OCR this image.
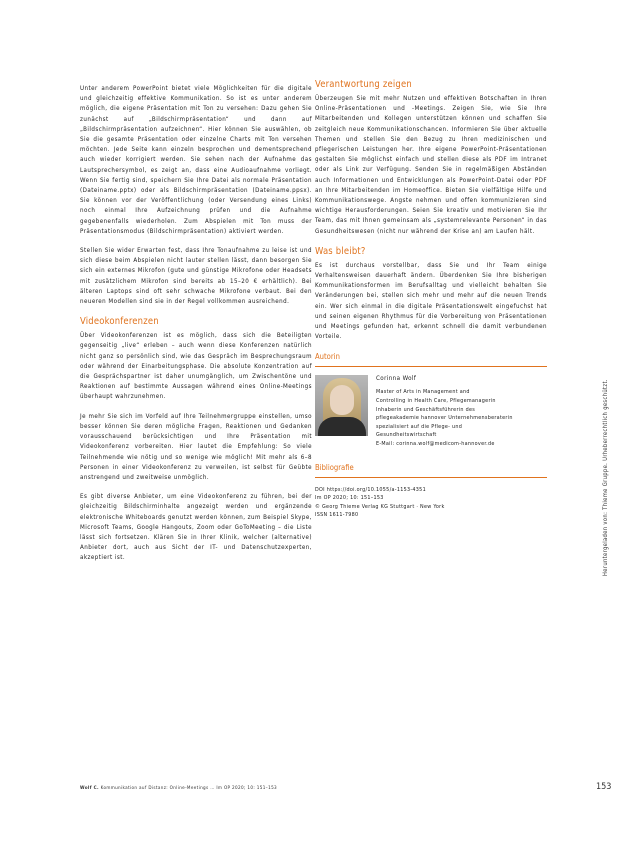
Unter anderem PowerPoint bietet viele Möglichkeiten für die digitale und gleichzeitig effektive Kommunikation. So ist es unter anderem möglich, die eigene Präsentation mit Ton zu versehen: Dazu gehen Sie zunächst auf „Bildschirmpräsentation“ und dann auf „Bildschirmpräsentation aufzeichnen“. Hier können Sie auswählen, ob Sie die gesamte Präsentation oder einzelne Charts mit Ton versehen möchten. Jede Seite kann einzeln besprochen und dementsprechend auch wieder korrigiert werden. Sie sehen nach der Aufnahme das Lautsprechersymbol, es zeigt an, dass eine Audioaufnahme vorliegt. Wenn Sie fertig sind, speichern Sie Ihre Datei als normale Präsentation (Dateiname.pptx) oder als Bildschirmpräsentation (Dateiname.ppsx). Sie können vor der Veröffentlichung (oder Versendung eines Links) noch einmal Ihre Aufzeichnung prüfen und die Aufnahme gegebenenfalls wiederholen. Zum Abspielen mit Ton muss der Präsentationsmodus (Bildschirmpräsentation) aktiviert werden.

Stellen Sie wider Erwarten fest, dass Ihre Tonaufnahme zu leise ist und sich diese beim Abspielen nicht lauter stellen lässt, dann besorgen Sie sich ein externes Mikrofon (gute und günstige Mikrofone oder Headsets mit zusätzlichem Mikrofon sind bereits ab 15–20 € erhältlich). Bei älteren Laptops sind oft sehr schwache Mikrofone verbaut. Bei den neueren Modellen sind sie in der Regel vollkommen ausreichend.

Videokonferenzen

Über Videokonferenzen ist es möglich, dass sich die Beteiligten gegenseitig „live“ erleben – auch wenn diese Konferenzen natürlich nicht ganz so persönlich sind, wie das Gespräch im Besprechungsraum oder während der Einarbeitungsphase. Die absolute Konzentration auf die Gesprächspartner ist daher unumgänglich, um Zwischentöne und Reaktionen auf bestimmte Aussagen während eines Online-Meetings überhaupt wahrzunehmen.

Je mehr Sie sich im Vorfeld auf Ihre Teilnehmergruppe einstellen, umso besser können Sie deren mögliche Fragen, Reaktionen und Gedanken vorausschauend berücksichtigen und Ihre Präsentation mit Videokonferenz vorbereiten. Hier lautet die Empfehlung: So viele Teilnehmende wie nötig und so wenige wie möglich! Mit mehr als 6–8 Personen in einer Videokonferenz zu verweilen, ist selbst für Geübte anstrengend und zweitweise unmöglich.

Es gibt diverse Anbieter, um eine Videokonferenz zu führen, bei der gleichzeitig Bildschirminhalte angezeigt werden und ergänzende elektronische Whiteboards genutzt werden können, zum Beispiel Skype, Microsoft Teams, Google Hangouts, Zoom oder GoToMeeting – die Liste lässt sich fortsetzen. Klären Sie in Ihrer Klinik, welcher (alternative) Anbieter dort, auch aus Sicht der IT- und Datenschutzexperten, akzeptiert ist.

Verantwortung zeigen

Überzeugen Sie mit mehr Nutzen und effektiven Botschaften in Ihren Online-Präsentationen und -Meetings. Zeigen Sie, wie Sie Ihre Mitarbeitenden und Kollegen unterstützen können und schaffen Sie zeitgleich neue Kommunikationschancen. Informieren Sie über aktuelle Themen und stellen Sie den Bezug zu Ihren medizinischen und pflegerischen Leistungen her. Ihre eigene PowerPoint-Präsentationen gestalten Sie möglichst einfach und stellen diese als PDF im Intranet oder als Link zur Verfügung. Senden Sie in regelmäßigen Abständen auch Informationen und Entwicklungen als PowerPoint-Datei oder PDF an Ihre Mitarbeitenden im Homeoffice. Bieten Sie vielfältige Hilfe und Kommunikationswege. Angste nehmen und offen kommunizieren sind wichtige Herausforderungen. Seien Sie kreativ und motivieren Sie Ihr Team, das mit Ihnen gemeinsam als „systemrelevante Personen“ in das Gesundheitswesen (nicht nur während der Krise an) am Laufen hält.

Was bleibt?

Es ist durchaus vorstellbar, dass Sie und Ihr Team einige Verhaltensweisen dauerhaft ändern. Überdenken Sie Ihre bisherigen Kommunikationsformen im Berufsalltag und vielleicht behalten Sie Veränderungen bei, stellen sich mehr und mehr auf die neuen Trends ein. Wer sich einmal in die digitale Präsentationswelt eingefuchst hat und seinen eigenen Rhythmus für die Vorbereitung von Präsentationen und Meetings gefunden hat, erkennt schnell die damit verbundenen Vorteile.

Autorin
Corinna Wolf
Master of Arts in Management and
Controlling in Health Care, Pflegemanagerin
Inhaberin und Geschäftsführerin des
pflegeakademie hannover Unternehmensberaterin spezialisiert auf die Pflege- und
Gesundheitswirtschaft
E-Mail: corinna.wolf@medicom-hannover.de
Bibliografie
DOI https://doi.org/10.1055/a-1153-4351
Im OP 2020; 10: 151–153
© Georg Thieme Verlag KG Stuttgart · New York
ISSN 1611-7980
Wolf C. Kommunikation auf Distanz: Online-Meetings … Im OP 2020; 10: 151–153	153
Heruntergeladen von: Thieme Gruppe. Urheberrechtlich geschützt.
